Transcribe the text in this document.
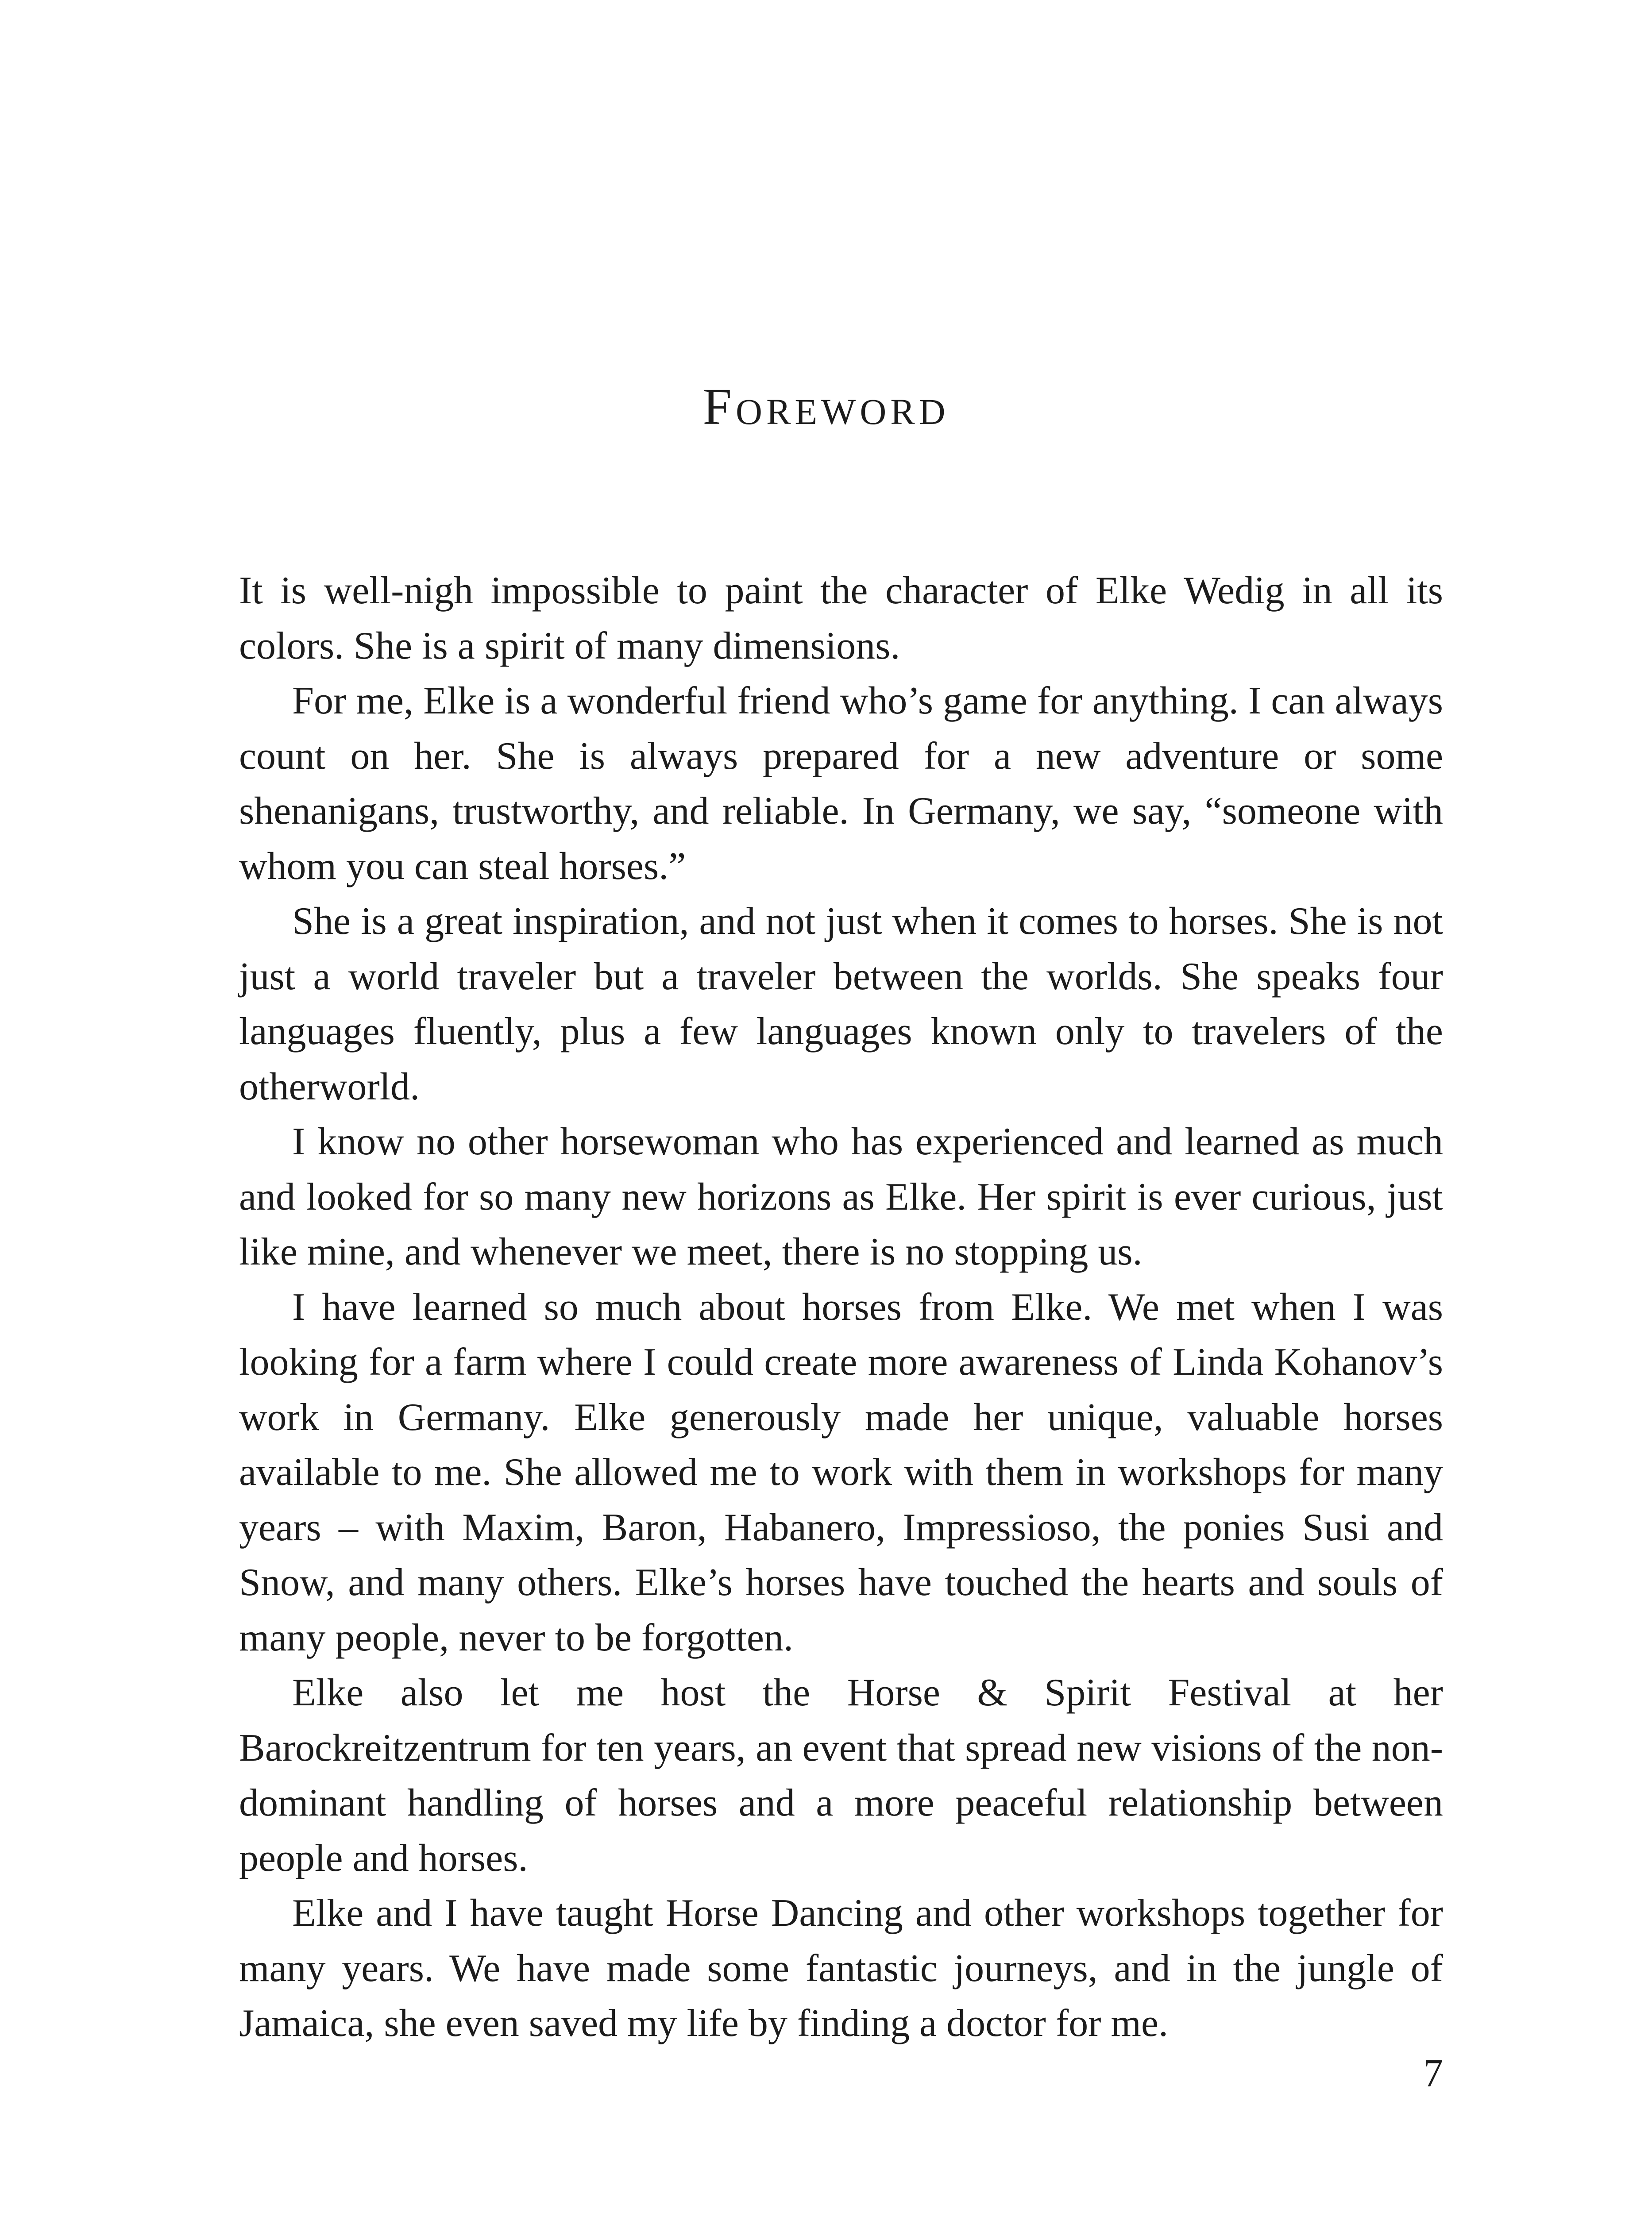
Foreword

It is well-nigh impossible to paint the character of Elke Wedig in all its colors. She is a spirit of many dimensions.

For me, Elke is a wonderful friend who’s game for anything. I can always count on her. She is always prepared for a new adventure or some shenanigans, trustworthy, and reliable. In Germany, we say, “someone with whom you can steal horses.”

She is a great inspiration, and not just when it comes to horses. She is not just a world traveler but a traveler between the worlds. She speaks four languages fluently, plus a few languages known only to travelers of the otherworld.

I know no other horsewoman who has experienced and learned as much and looked for so many new horizons as Elke. Her spirit is ever curious, just like mine, and whenever we meet, there is no stopping us.

I have learned so much about horses from Elke. We met when I was looking for a farm where I could create more awareness of Linda Kohanov’s work in Germany. Elke generously made her unique, valuable horses available to me. She allowed me to work with them in workshops for many years – with Maxim, Baron, Habanero, Impressioso, the ponies Susi and Snow, and many others. Elke’s horses have touched the hearts and souls of many people, never to be forgotten.

Elke also let me host the Horse & Spirit Festival at her Barockreitzentrum for ten years, an event that spread new visions of the non-dominant handling of horses and a more peaceful relationship between people and horses.

Elke and I have taught Horse Dancing and other workshops together for many years. We have made some fantastic journeys, and in the jungle of Jamaica, she even saved my life by finding a doctor for me.

7
